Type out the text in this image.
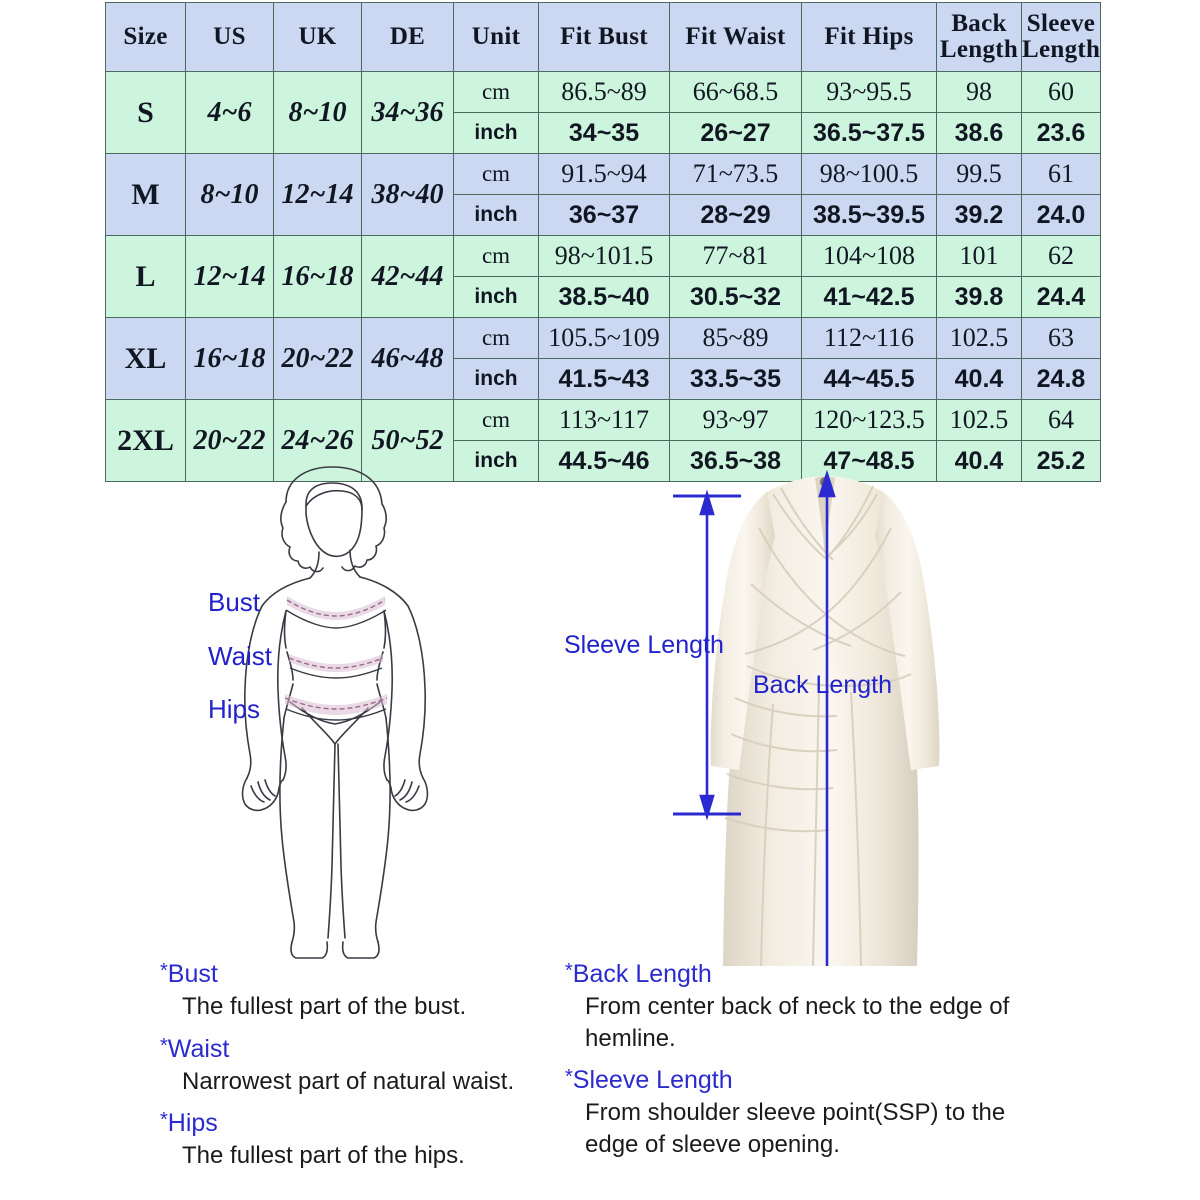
Size	US	UK	DE	Unit	Fit Bust	Fit Waist	Fit Hips	Back Length	Sleeve Length
S	4~6	8~10	34~36	cm	86.5~89	66~68.5	93~95.5	98	60
				inch	34~35	26~27	36.5~37.5	38.6	23.6
M	8~10	12~14	38~40	cm	91.5~94	71~73.5	98~100.5	99.5	61
				inch	36~37	28~29	38.5~39.5	39.2	24.0
L	12~14	16~18	42~44	cm	98~101.5	77~81	104~108	101	62
				inch	38.5~40	30.5~32	41~42.5	39.8	24.4
XL	16~18	20~22	46~48	cm	105.5~109	85~89	112~116	102.5	63
				inch	41.5~43	33.5~35	44~45.5	40.4	24.8
2XL	20~22	24~26	50~52	cm	113~117	93~97	120~123.5	102.5	64
				inch	44.5~46	36.5~38	47~48.5	40.4	25.2
Bust
Waist
Hips
Sleeve Length
Back Length

*Bust

The fullest part of the bust.

*Waist

Narrowest part of natural waist.

*Hips

The fullest part of the hips.

*Back Length

From center back of neck to the edge of hemline.

*Sleeve Length

From shoulder sleeve point(SSP) to the edge of sleeve opening.
